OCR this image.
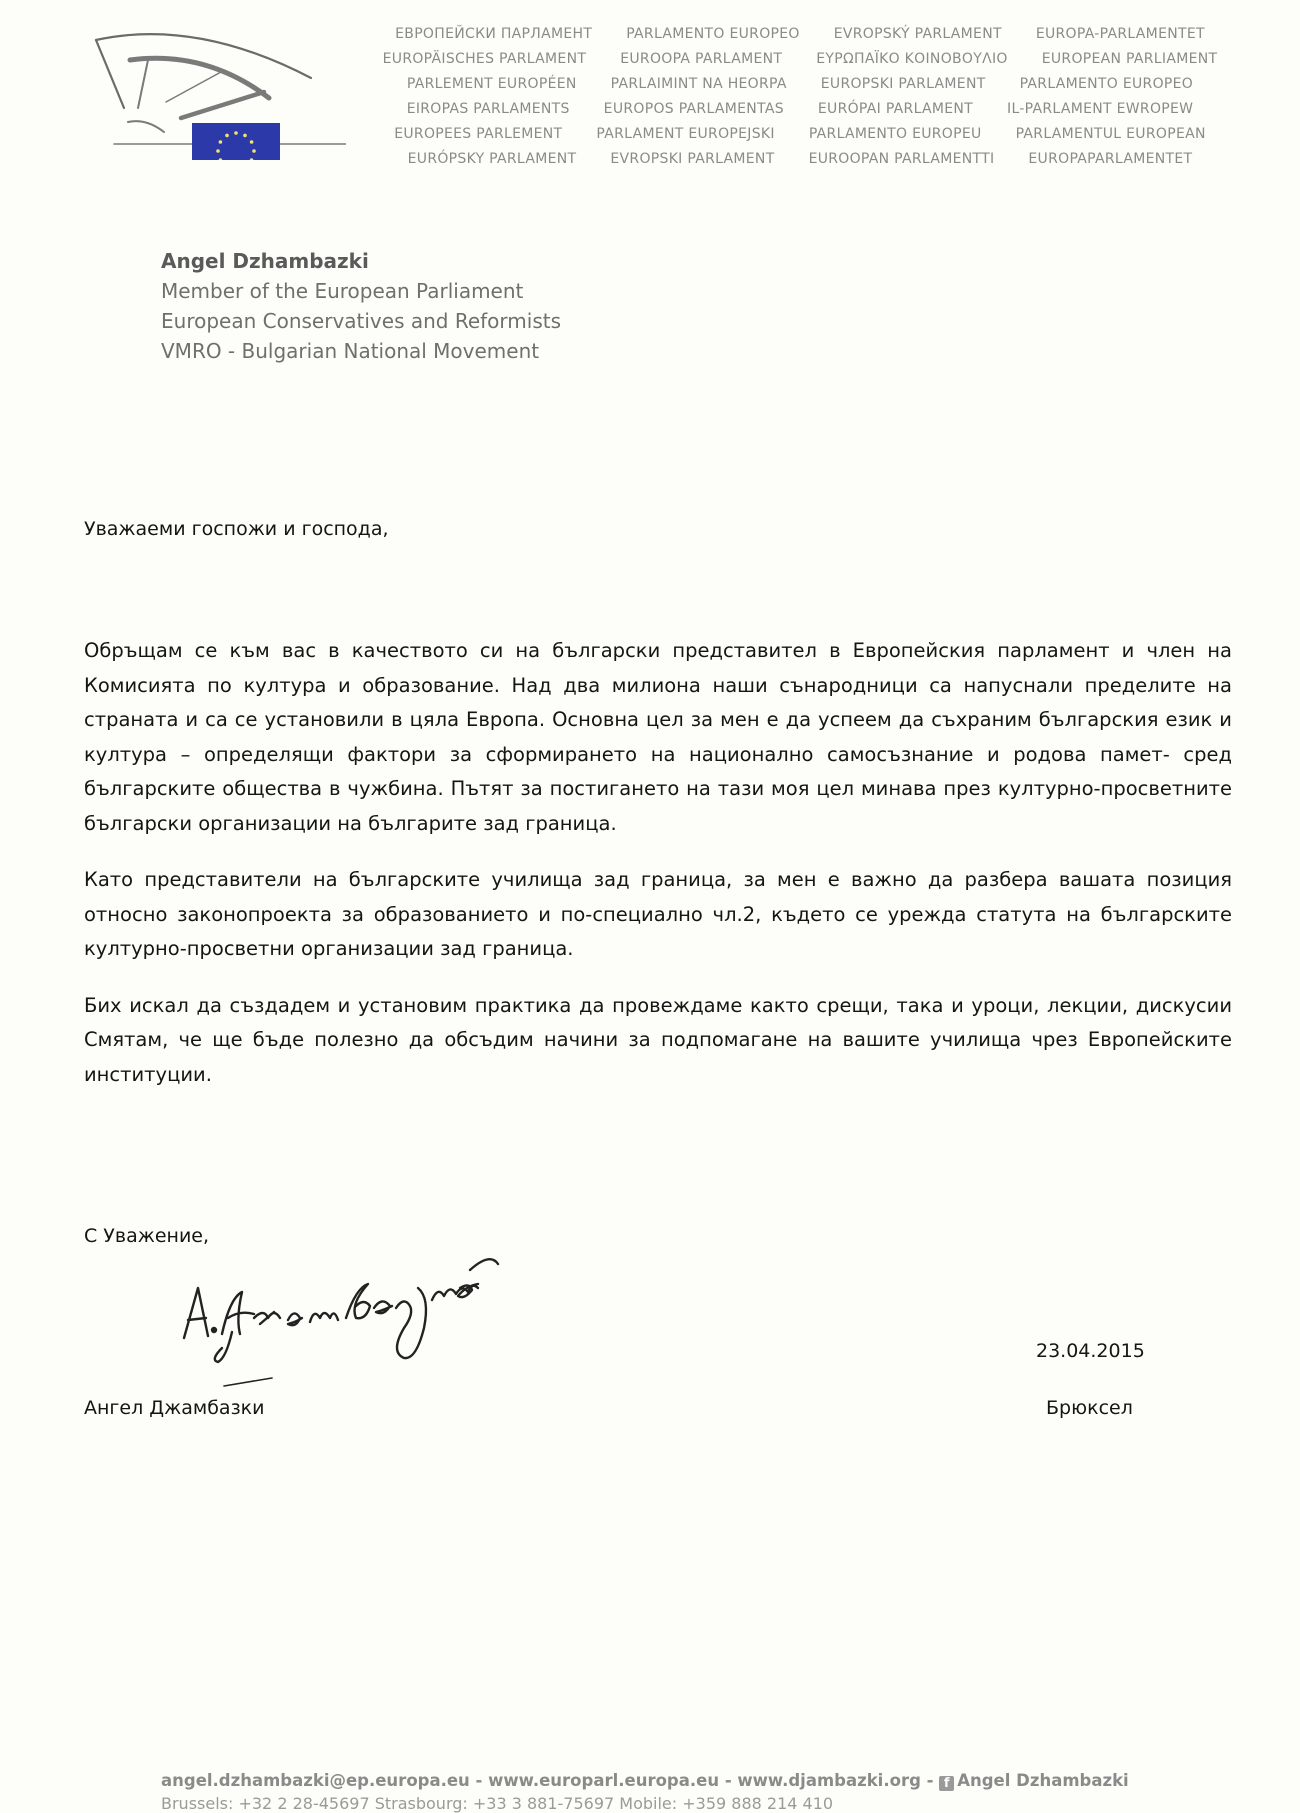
ЕВРОПЕЙСКИ ПАРЛАМЕНТ PARLAMENTO EUROPEO EVROPSKÝ PARLAMENT EUROPA-PARLAMENTET
EUROPÄISCHES PARLAMENT EUROOPA PARLAMENT ΕΥΡΩΠΑΪΚΟ ΚΟΙΝΟΒΟΥΛΙΟ EUROPEAN PARLIAMENT
PARLEMENT EUROPÉEN PARLAIMINT NA HEORPA EUROPSKI PARLAMENT PARLAMENTO EUROPEO
EIROPAS PARLAMENTS EUROPOS PARLAMENTAS EURÓPAI PARLAMENT IL-PARLAMENT EWROPEW
EUROPEES PARLEMENT PARLAMENT EUROPEJSKI PARLAMENTO EUROPEU PARLAMENTUL EUROPEAN
EURÓPSKY PARLAMENT EVROPSKI PARLAMENT EUROOPAN PARLAMENTTI EUROPAPARLAMENTET
Angel Dzhambazki
Member of the European Parliament
European Conservatives and Reformists
VMRO - Bulgarian National Movement
Уважаеми госпожи и господа,

Обръщам се към вас в качеството си на български представител в Европейския парламент и член на Комисията по култура и образование. Над два милиона наши сънародници са напуснали пределите на страната и са се установили в цяла Европа. Основна цел за мен е да успеем да съхраним българския език и култура – определящи фактори за сформирането на национално самосъзнание и родова памет- сред българските общества в чужбина. Пътят за постигането на тази моя цел минава през културно-просветните български организации на българите зад граница.

Като представители на българските училища зад граница, за мен е важно да разбера вашата позиция относно законопроекта за образованието и по-специално чл.2, където се урежда статута на българските културно-просветни организации зад граница.

Бих искал да създадем и установим практика да провеждаме както срещи, така и уроци, лекции, дискусии Смятам, че ще бъде полезно да обсъдим начини за подпомагане на вашите училища чрез Европейските институции.

С Уважение,
Ангел Джамбазки
23.04.2015
Брюксел
angel.dzhambazki@ep.europa.eu - www.europarl.europa.eu - www.djambazki.org - f Angel Dzhambazki
Brussels: +32 2 28-45697 Strasbourg: +33 3 881-75697 Mobile: +359 888 214 410
